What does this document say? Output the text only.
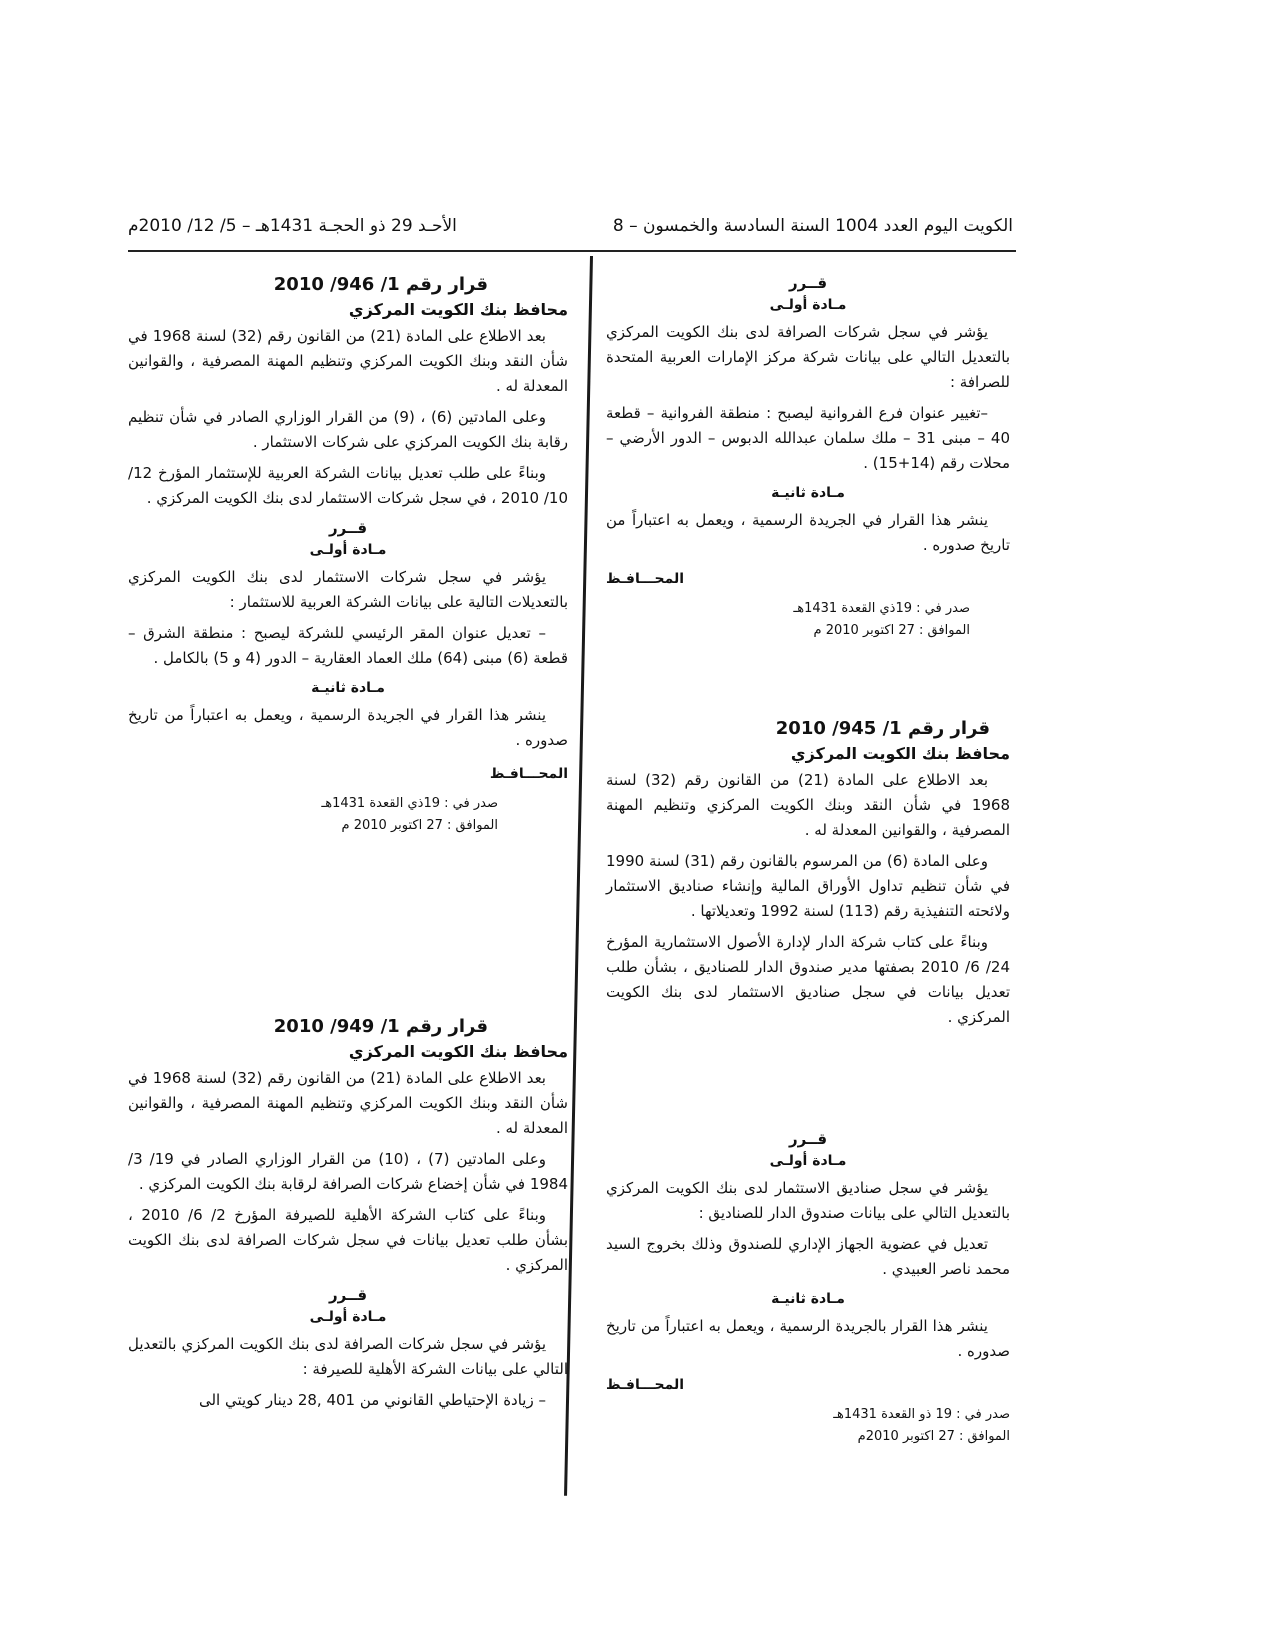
الكويت اليوم العدد 1004 السنة السادسة والخمسون – 8
الأحـد 29 ذو الحجـة 1431هـ – 5/ 12/ 2010م
قــرر
مـادة أولـى

يؤشر في سجل شركات الصرافة لدى بنك الكويت المركزي بالتعديل التالي على بيانات شركة مركز الإمارات العربية المتحدة للصرافة :

–تغيير عنوان فرع الفروانية ليصبح : منطقة الفروانية – قطعة 40 – مبنى 31 – ملك سلمان عبدالله الدبوس – الدور الأرضي – محلات رقم (14+15) .

مـادة ثانيـة

ينشر هذا القرار في الجريدة الرسمية ، ويعمل به اعتباراً من تاريخ صدوره .

المحـــافـظ
صدر في : 19ذي القعدة 1431هـ
الموافق : 27 اكتوبر 2010 م
قرار رقم 1/ 945/ 2010
محافظ بنك الكويت المركزي

بعد الاطلاع على المادة (21) من القانون رقم (32) لسنة 1968 في شأن النقد وبنك الكويت المركزي وتنظيم المهنة المصرفية ، والقوانين المعدلة له .

وعلى المادة (6) من المرسوم بالقانون رقم (31) لسنة 1990 في شأن تنظيم تداول الأوراق المالية وإنشاء صناديق الاستثمار ولائحته التنفيذية رقم (113) لسنة 1992 وتعديلاتها .

وبناءً على كتاب شركة الدار لإدارة الأصول الاستثمارية المؤرخ 24/ 6/ 2010 بصفتها مدير صندوق الدار للصناديق ، بشأن طلب تعديل بيانات في سجل صناديق الاستثمار لدى بنك الكويت المركزي .

قــرر
مـادة أولـى

يؤشر في سجل صناديق الاستثمار لدى بنك الكويت المركزي بالتعديل التالي على بيانات صندوق الدار للصناديق :

تعديل في عضوية الجهاز الإداري للصندوق وذلك بخروج السيد محمد ناصر العبيدي .

مـادة ثانيـة

ينشر هذا القرار بالجريدة الرسمية ، ويعمل به اعتباراً من تاريخ صدوره .

المحـــافـظ
صدر في : 19 ذو القعدة 1431هـ
الموافق : 27 اكتوبر 2010م
قرار رقم 1/ 946/ 2010
محافظ بنك الكويت المركزي

بعد الاطلاع على المادة (21) من القانون رقم (32) لسنة 1968 في شأن النقد وبنك الكويت المركزي وتنظيم المهنة المصرفية ، والقوانين المعدلة له .

وعلى المادتين (6) ، (9) من القرار الوزاري الصادر في شأن تنظيم رقابة بنك الكويت المركزي على شركات الاستثمار .

وبناءً على طلب تعديل بيانات الشركة العربية للإستثمار المؤرخ 12/ 10/ 2010 ، في سجل شركات الاستثمار لدى بنك الكويت المركزي .

قــرر
مـادة أولـى

يؤشر في سجل شركات الاستثمار لدى بنك الكويت المركزي بالتعديلات التالية على بيانات الشركة العربية للاستثمار :

– تعديل عنوان المقر الرئيسي للشركة ليصبح : منطقة الشرق – قطعة (6) مبنى (64) ملك العماد العقارية – الدور (4 و 5) بالكامل .

مـادة ثانيـة

ينشر هذا القرار في الجريدة الرسمية ، ويعمل به اعتباراً من تاريخ صدوره .

المحـــافـظ
صدر في : 19ذي القعدة 1431هـ
الموافق : 27 اكتوبر 2010 م
قرار رقم 1/ 949/ 2010
محافظ بنك الكويت المركزي

بعد الاطلاع على المادة (21) من القانون رقم (32) لسنة 1968 في شأن النقد وبنك الكويت المركزي وتنظيم المهنة المصرفية ، والقوانين المعدلة له .

وعلى المادتين (7) ، (10) من القرار الوزاري الصادر في 19/ 3/ 1984 في شأن إخضاع شركات الصرافة لرقابة بنك الكويت المركزي .

وبناءً على كتاب الشركة الأهلية للصيرفة المؤرخ 2/ 6/ 2010 ، بشأن طلب تعديل بيانات في سجل شركات الصرافة لدى بنك الكويت المركزي .

قــرر
مـادة أولـى

يؤشر في سجل شركات الصرافة لدى بنك الكويت المركزي بالتعديل التالي على بيانات الشركة الأهلية للصيرفة :

– زيادة الإحتياطي القانوني من 401 ,28 دينار كويتي الى
